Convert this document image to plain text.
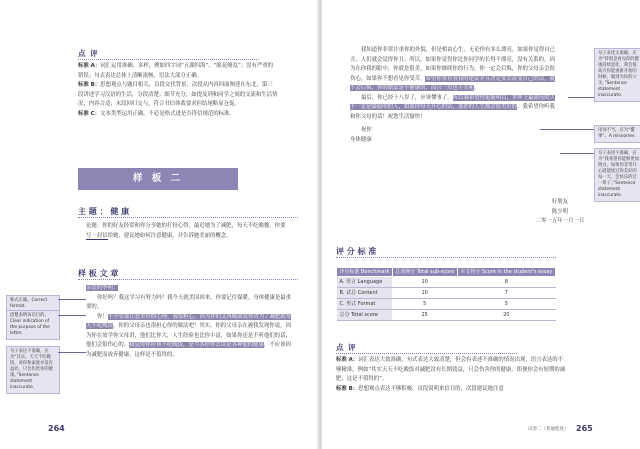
点 评

标准 A：词汇运用准确、多样，例如四字词“五湖四海”、“眼花缭乱”；没有严重的错误；句式表达总体上清晰流畅，语法大部分正确。

标准 B：思想观点与题目相关，首段交代背景，次段从内容四面阐述在东北，第三段讲述学习汉语的生活，分段清楚；细节充分，如提及到和同学之间的交流和生活情况，内容合适；末段回归交与，符合书信体裁要求但结尾略显仓促。

标准 C：文本类型运用正确，不必是格式进是否符信规范的标准。

样 板 二
主 题 ： 健 康
论题：你的好友经常和你分享她的打扮心得，最近她为了减肥，每天不吃晚餐。你要写一封信给她，建议她如何注意健康，并告诉她美丽的概念。
样 板 文 章

亲爱的李明：

你好吗？我这学习有努力吗？我今天就美国回来，你要记住保暖，身体健康是最重要的。

你！不少管那注意美好的心理，我很担心，因为你的又再瘦或说你省为了减肥就每天不吃晚饭，你的父母亲也很担心你的做法吧！其实，你的父母亲在被我发现你说，因为你在放学你父母讲，他们比你大，人生经验也比你丰富，如果你还是不听他们的话，他们会很伤心的。我觉得你应该不吃晚饭，是当多拾你去谈论各种他的健康，不应该因为减肥而放弃健康，这样是不值得的。

称式正确。Correct format.
清楚表明该信目的。Clear indication of the purpose of the letter.
句子表达不准确，应为“其实，天天不吃晚饭，对你和家庭并没有益处，只会伤害你的健康。”Sentence statement inaccurate.
264

我知道你非常注重你的外貌，但是相由心生，无论你有多么漂亮，如果你觉得自己丑，人们就会觉得你丑。所以，如果你觉得你比你同学的长得不漂亮，没有关系的，因为在你我的眼中，你就是很美，如果你继续你的行为，你一定会后悔，你的父母亲会很伤心，如果你不想看见你受苦，希望你重看看我的建议并且决定要去改变自己的话，就不会后悔，你的做法是不健康的，而且一点也不美呢。

最后，你已经十八岁了，应该懂事了。所以我希望你更能明白，世界上最漂亮的人不一定是最聪明的人，如果你每天开心的话，那你的人生都会很美好的。我希望你听我和你父母的话！祝您生活愉快！

祝你

身体健康

好朋友

陈少明

二零一五年一月一日

评 分 标 准
句子表述太准确，应为“特别是看见你的健康持续恶化，我会很高兴你能重新开始的时候，做到为你的父亲。”Sentence statement inaccurate.
用词不当，应为“懂事”。A misnomer.
句子表述不准确，应为“我希望你能够更加明白，如果你非常开心就能度过你美好的每一天，会快乐的过一辈子。”Sentence statement inaccurate.
评分标准 Benchmark	总项满分 Total sub-score	本文得分 Score in the student's essay
A. 语言 Language	10	8
B. 试总 Content	10	7
C. 形式 Format	5	5
总分 Total score	25	20
点 评

标准 A：词汇表达大致准确，句式表达大致清楚，但会有表述不准确的情况出现，语言表达的不够精准，例如“其实天天不吃晚饭对减肥没有长期效益，只会伤害你的健康，即便你会有短期的减肥，这是不值得的”。

标准 B：思想观点表达不够积极，首段说明来信目的，次段建议她注意

试卷二（普通程度） 265
